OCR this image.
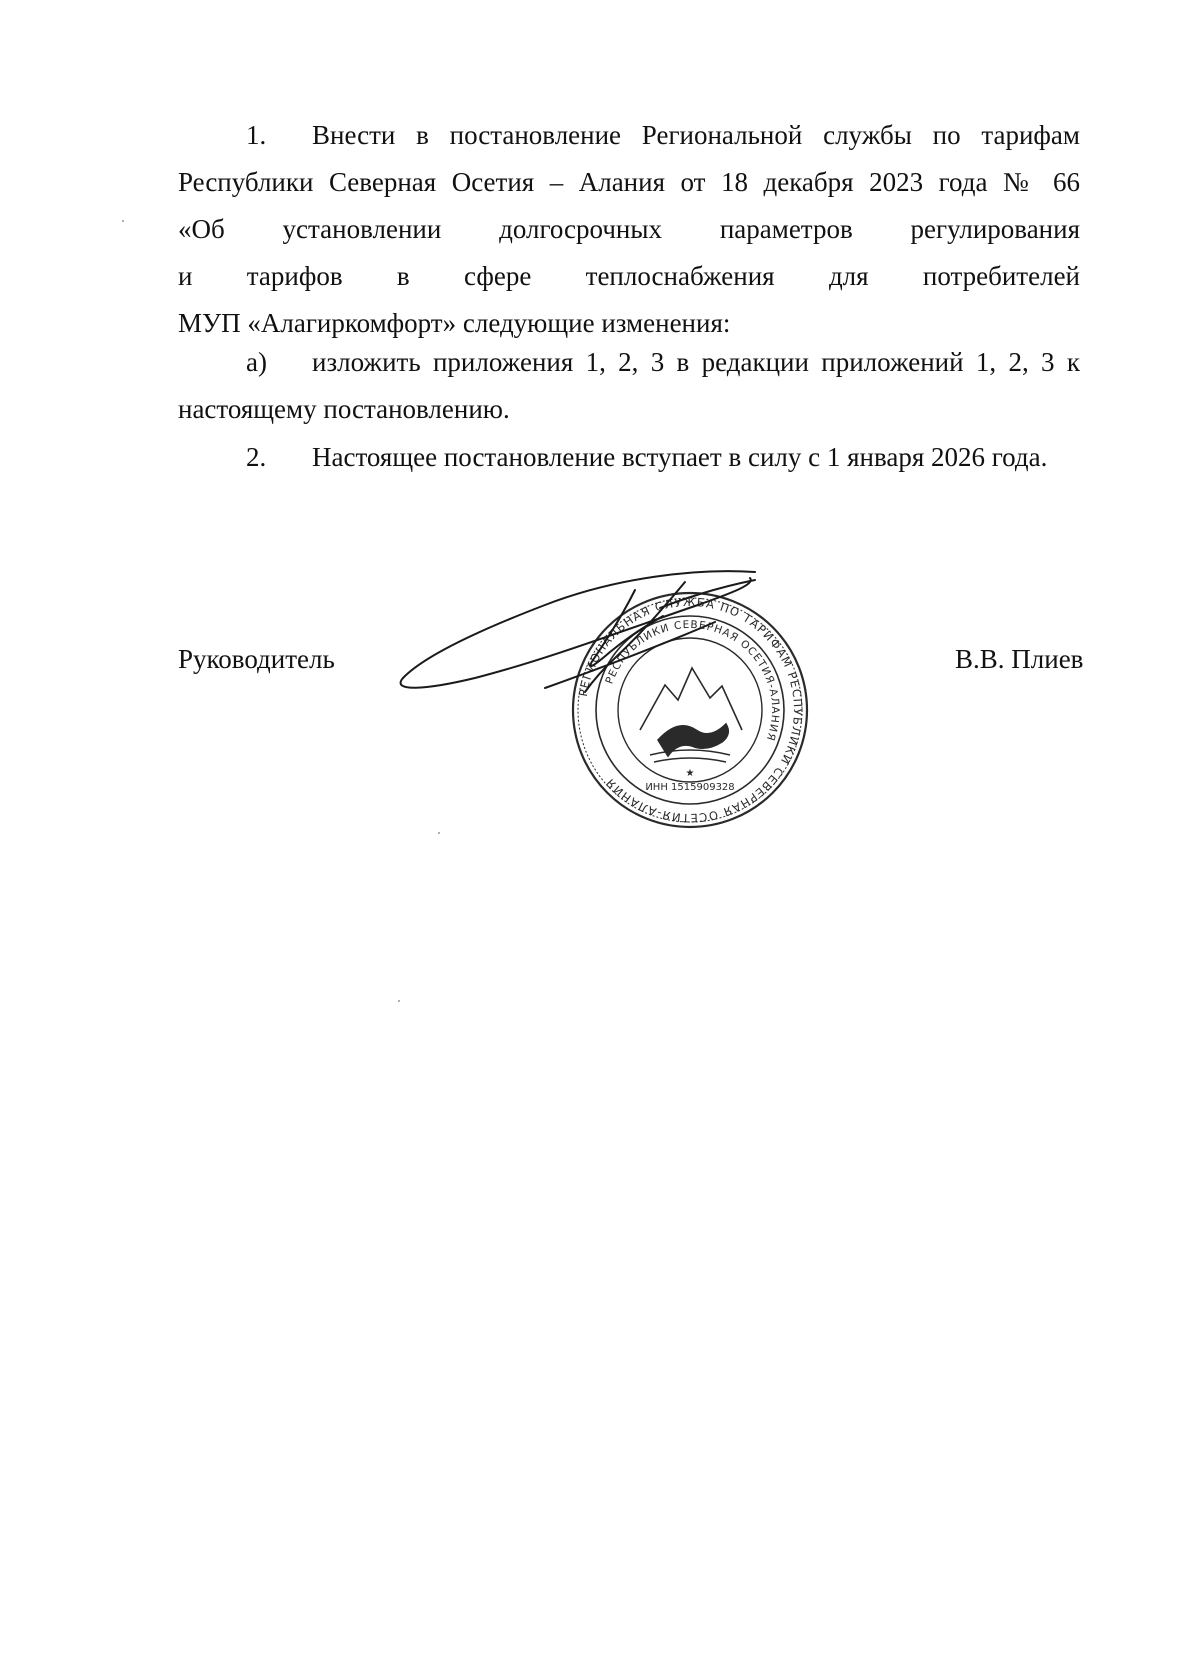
1. Внести в постановление Региональной службы по тарифам
Республики Северная Осетия – Алания от 18 декабря 2023 года № 66
«Об установлении долгосрочных параметров регулирования
и тарифов в сфере теплоснабжения для потребителей
МУП «Алагиркомфорт» следующие изменения:
а) изложить приложения 1, 2, 3 в редакции приложений 1, 2, 3 к
настоящему постановлению.
2. Настоящее постановление вступает в силу с 1 января 2026 года.
Руководитель	В.В. Плиев
РЕГИОНАЛЬНАЯ СЛУЖБА ПО ТАРИФАМ РЕСПУБЛИКИ СЕВЕРНАЯ ОСЕТИЯ-АЛАНИЯ
РЕСПУБЛИКИ СЕВЕРНАЯ ОСЕТИЯ-АЛАНИЯ
ИНН 1515909328
★
